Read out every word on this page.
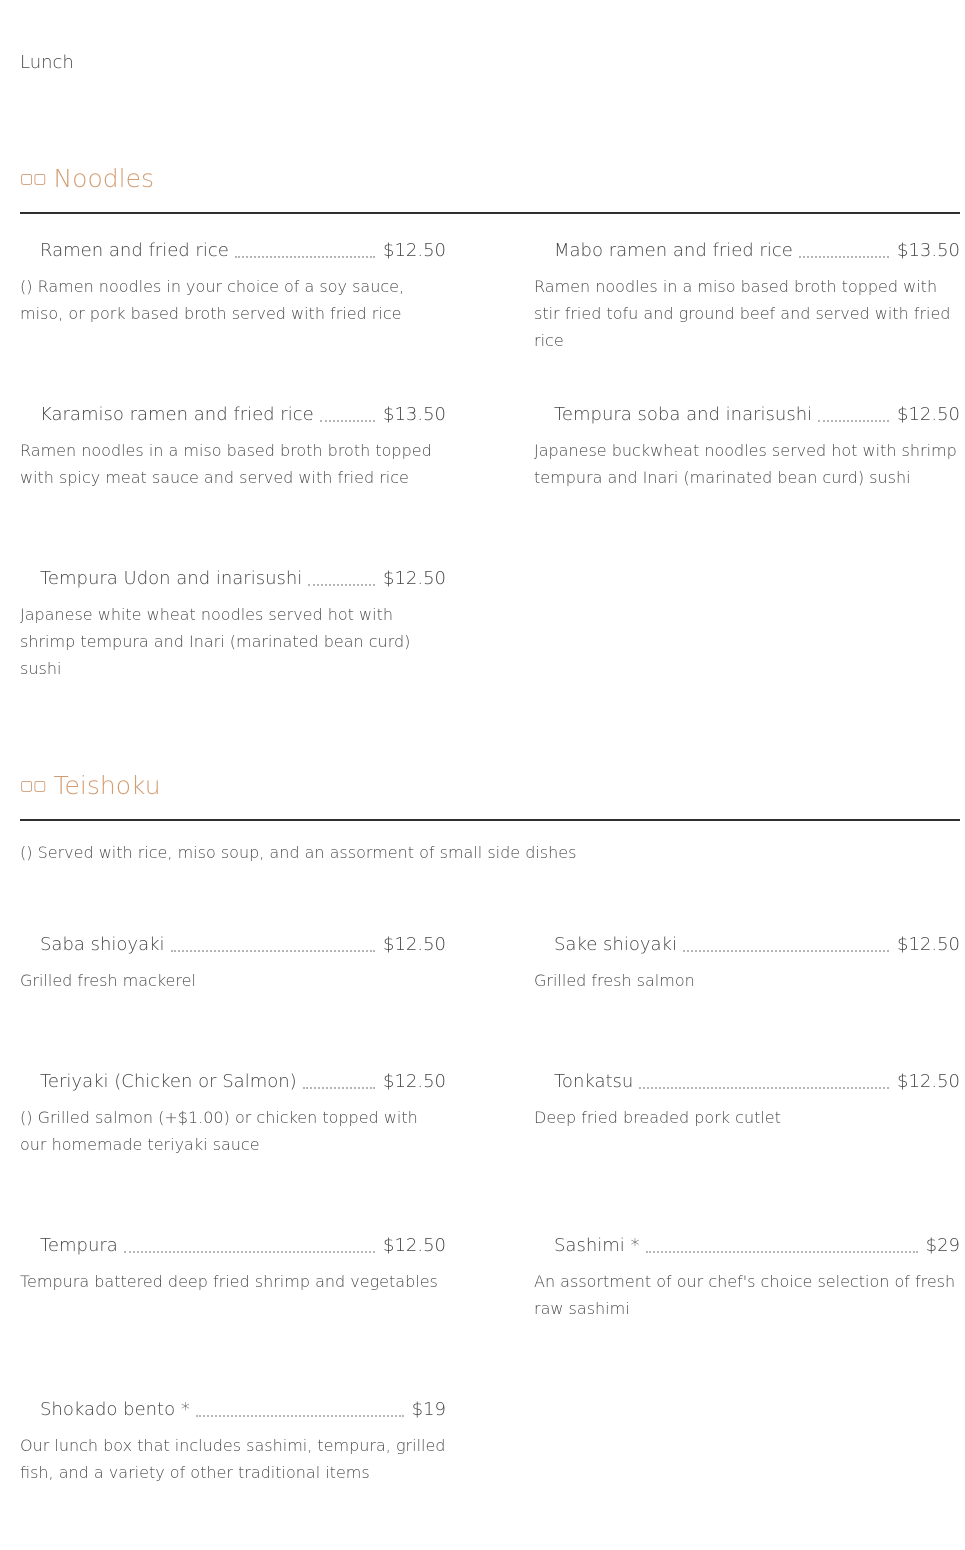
Lunch
▢▢ Noodles
Ramen and fried rice	$12.50
() Ramen noodles in your choice of a soy sauce, miso, or pork based broth served with fried rice
Mabo ramen and fried rice	$13.50
Ramen noodles in a miso based broth topped with stir fried tofu and ground beef and served with fried rice
Karamiso ramen and fried rice	$13.50
Ramen noodles in a miso based broth broth topped with spicy meat sauce and served with fried rice
Tempura soba and inarisushi	$12.50
Japanese buckwheat noodles served hot with shrimp tempura and Inari (marinated bean curd) sushi
Tempura Udon and inarisushi	$12.50
Japanese white wheat noodles served hot with shrimp tempura and Inari (marinated bean curd) sushi
▢▢ Teishoku
() Served with rice, miso soup, and an assorment of small side dishes
Saba shioyaki	$12.50
Grilled fresh mackerel
Sake shioyaki	$12.50
Grilled fresh salmon
Teriyaki (Chicken or Salmon)	$12.50
() Grilled salmon (+$1.00) or chicken topped with our homemade teriyaki sauce
Tonkatsu	$12.50
Deep fried breaded pork cutlet
Tempura	$12.50
Tempura battered deep fried shrimp and vegetables
Sashimi *	$29
An assortment of our chef's choice selection of fresh raw sashimi
Shokado bento *	$19
Our lunch box that includes sashimi, tempura, grilled fish, and a variety of other traditional items
